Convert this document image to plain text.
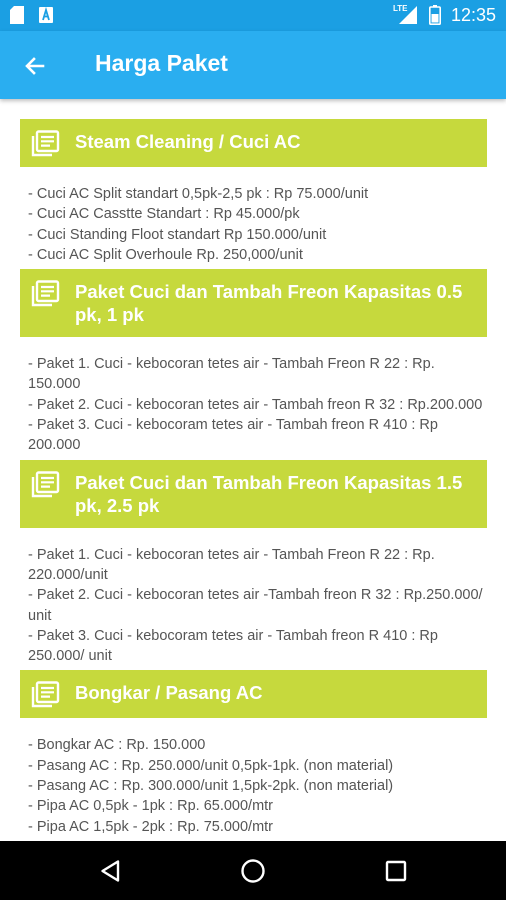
LTE 12:35
Harga Paket
Steam Cleaning / Cuci AC
- Cuci AC Split standart 0,5pk-2,5 pk : Rp 75.000/unit
- Cuci AC Casstte Standart : Rp 45.000/pk
- Cuci Standing Floot standart Rp 150.000/unit
- Cuci AC Split Overhoule Rp. 250,000/unit
Paket Cuci dan Tambah Freon Kapasitas 0.5 pk, 1 pk
- Paket 1. Cuci - kebocoran tetes air - Tambah Freon R 22 : Rp. 150.000
- Paket 2. Cuci - kebocoran tetes air - Tambah freon R 32 : Rp.200.000
- Paket 3. Cuci - kebocoram tetes air - Tambah freon R 410 : Rp 200.000
Paket Cuci dan Tambah Freon Kapasitas 1.5 pk, 2.5 pk
- Paket 1. Cuci - kebocoran tetes air - Tambah Freon R 22 : Rp. 220.000/unit
- Paket 2. Cuci - kebocoran tetes air -Tambah freon R 32 : Rp.250.000/ unit
- Paket 3. Cuci - kebocoram tetes air - Tambah freon R 410 : Rp 250.000/ unit
Bongkar / Pasang AC
- Bongkar AC : Rp. 150.000
- Pasang AC : Rp. 250.000/unit 0,5pk-1pk. (non material)
- Pasang AC : Rp. 300.000/unit 1,5pk-2pk. (non material)
- Pipa AC 0,5pk - 1pk : Rp. 65.000/mtr
- Pipa AC 1,5pk - 2pk : Rp. 75.000/mtr
